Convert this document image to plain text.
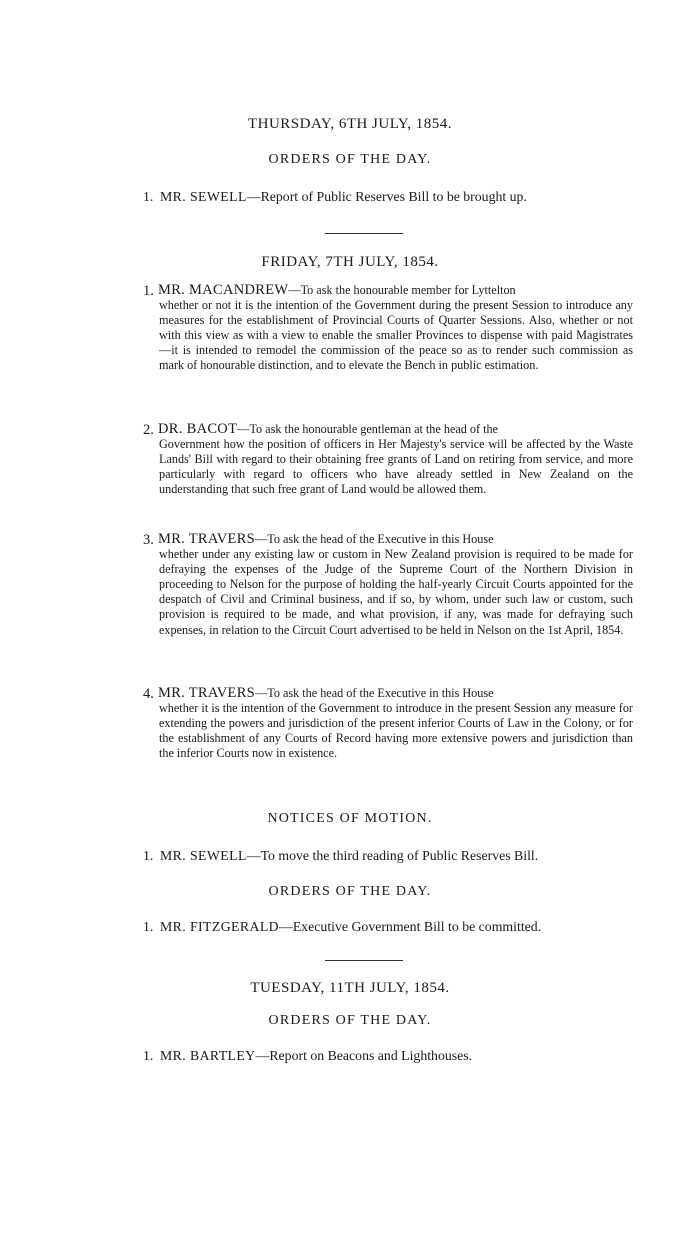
THURSDAY, 6TH JULY, 1854.
ORDERS OF THE DAY.
1. MR. SEWELL—Report of Public Reserves Bill to be brought up.
FRIDAY, 7TH JULY, 1854.
1. MR. MACANDREW—To ask the honourable member for Lyttelton
whether or not it is the intention of the Government during the present Session to introduce any measures for the establishment of Provincial Courts of Quarter Sessions. Also, whether or not with this view as with a view to enable the smaller Provinces to dispense with paid Magistrates—it is intended to remodel the commission of the peace so as to render such commission as mark of honourable distinction, and to elevate the Bench in public estimation.
2. DR. BACOT—To ask the honourable gentleman at the head of the
Government how the position of officers in Her Majesty's service will be affected by the Waste Lands' Bill with regard to their obtaining free grants of Land on retiring from service, and more particularly with regard to officers who have already settled in New Zealand on the understanding that such free grant of Land would be allowed them.
3. MR. TRAVERS—To ask the head of the Executive in this House
whether under any existing law or custom in New Zealand provision is required to be made for defraying the expenses of the Judge of the Supreme Court of the Northern Division in proceeding to Nelson for the purpose of holding the half-yearly Circuit Courts appointed for the despatch of Civil and Criminal business, and if so, by whom, under such law or custom, such provision is required to be made, and what provision, if any, was made for defraying such expenses, in relation to the Circuit Court advertised to be held in Nelson on the 1st April, 1854.
4. MR. TRAVERS—To ask the head of the Executive in this House
whether it is the intention of the Government to introduce in the present Session any measure for extending the powers and jurisdiction of the present inferior Courts of Law in the Colony, or for the establishment of any Courts of Record having more extensive powers and jurisdiction than the inferior Courts now in existence.
NOTICES OF MOTION.
1. MR. SEWELL—To move the third reading of Public Reserves Bill.
ORDERS OF THE DAY.
1. MR. FITZGERALD—Executive Government Bill to be committed.
TUESDAY, 11TH JULY, 1854.
ORDERS OF THE DAY.
1. MR. BARTLEY—Report on Beacons and Lighthouses.
